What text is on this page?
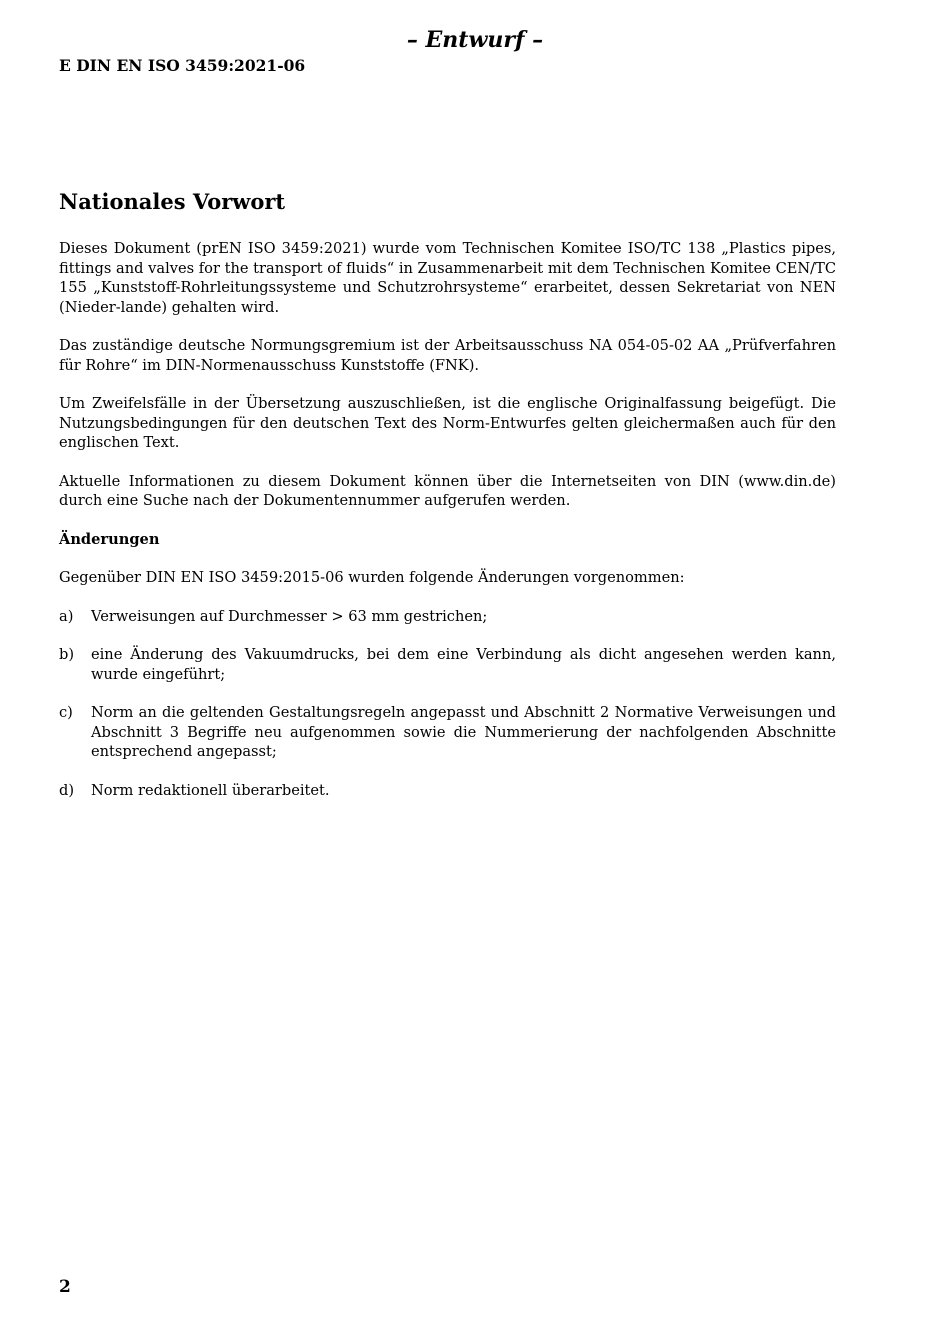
– Entwurf –
E DIN EN ISO 3459:2021-06
Nationales Vorwort

Dieses Dokument (prEN ISO 3459:2021) wurde vom Technischen Komitee ISO/TC 138 „Plastics pipes, fittings and valves for the transport of fluids“ in Zusammenarbeit mit dem Technischen Komitee CEN/TC 155 „Kunststoff-Rohrleitungssysteme und Schutzrohrsysteme“ erarbeitet, dessen Sekretariat von NEN (Nieder-lande) gehalten wird.

Das zuständige deutsche Normungsgremium ist der Arbeitsausschuss NA 054-05-02 AA „Prüfverfahren für Rohre“ im DIN-Normenausschuss Kunststoffe (FNK).

Um Zweifelsfälle in der Übersetzung auszuschließen, ist die englische Originalfassung beigefügt. Die Nutzungsbedingungen für den deutschen Text des Norm-Entwurfes gelten gleichermaßen auch für den englischen Text.

Aktuelle Informationen zu diesem Dokument können über die Internetseiten von DIN (www.din.de) durch eine Suche nach der Dokumentennummer aufgerufen werden.

Änderungen

Gegenüber DIN EN ISO 3459:2015-06 wurden folgende Änderungen vorgenommen:

a)	Verweisungen auf Durchmesser > 63 mm gestrichen;
b)	eine Änderung des Vakuumdrucks, bei dem eine Verbindung als dicht angesehen werden kann, wurde eingeführt;
c)	Norm an die geltenden Gestaltungsregeln angepasst und Abschnitt 2 Normative Verweisungen und Abschnitt 3 Begriffe neu aufgenommen sowie die Nummerierung der nachfolgenden Abschnitte entsprechend angepasst;
d)	Norm redaktionell überarbeitet.
2
